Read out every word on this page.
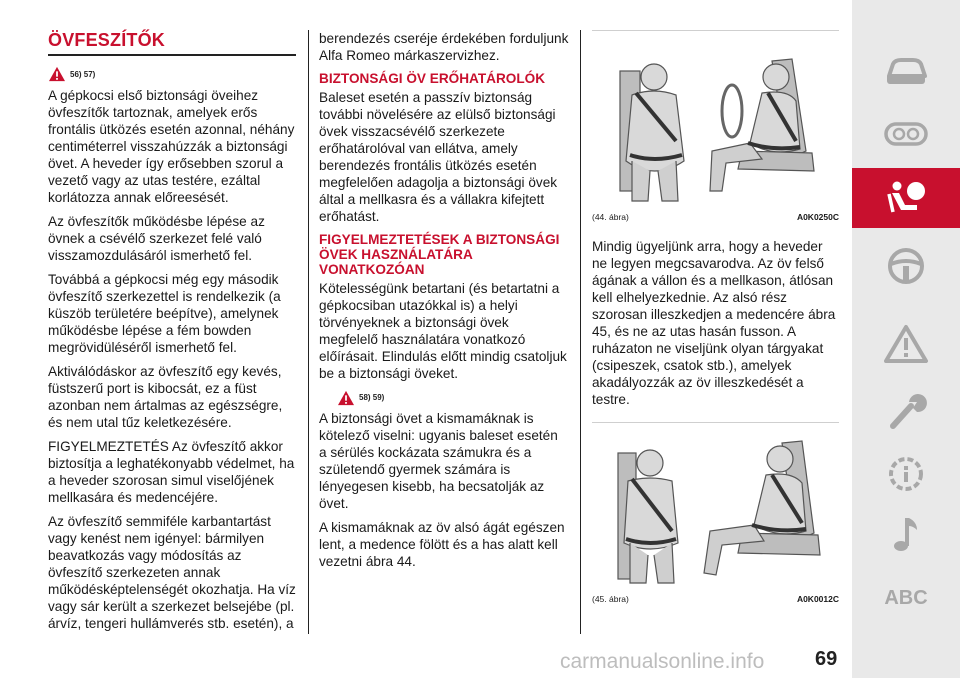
ÖVFESZÍTŐK
56) 57)

A gépkocsi első biztonsági öveihez övfeszítők tartoznak, amelyek erős frontális ütközés esetén azonnal, néhány centiméterrel visszahúzzák a biztonsági övet. A heveder így erősebben szorul a vezető vagy az utas testére, ezáltal korlátozza annak előreesését.

Az övfeszítők működésbe lépése az övnek a csévélő szerkezet felé való visszamozdulásáról ismerhető fel.

Továbbá a gépkocsi még egy második övfeszítő szerkezettel is rendelkezik (a küszöb területére beépítve), amelynek működésbe lépése a fém bowden megrövidüléséről ismerhető fel.

Aktiválódáskor az övfeszítő egy kevés, füstszerű port is kibocsát, ez a füst azonban nem ártalmas az egészségre, és nem utal tűz keletkezésére.

FIGYELMEZTETÉS Az övfeszítő akkor biztosítja a leghatékonyabb védelmet, ha a heveder szorosan simul viselőjének mellkasára és medencéjére.

Az övfeszítő semmiféle karbantartást vagy kenést nem igényel: bármilyen beavatkozás vagy módosítás az övfeszítő szerkezeten annak működésképtelenségét okozhatja. Ha víz vagy sár került a szerkezet belsejébe (pl. árvíz, tengeri hullámverés stb. esetén), a

berendezés cseréje érdekében forduljunk Alfa Romeo márkaszervizhez.

BIZTONSÁGI ÖV ERŐHATÁROLÓK

Baleset esetén a passzív biztonság további növelésére az elülső biztonsági övek visszacsévélő szerkezete erőhatárolóval van ellátva, amely berendezés frontális ütközés esetén megfelelően adagolja a biztonsági övek által a mellkasra és a vállakra kifejtett erőhatást.

FIGYELMEZTETÉSEK A BIZTONSÁGI ÖVEK HASZNÁLATÁRA VONATKOZÓAN

Kötelességünk betartani (és betartatni a gépkocsiban utazókkal is) a helyi törvényeknek a biztonsági övek megfelelő használatára vonatkozó előírásait. Elindulás előtt mindig csatoljuk be a biztonsági öveket.

58) 59)

A biztonsági övet a kismamáknak is kötelező viselni: ugyanis baleset esetén a sérülés kockázata számukra és a születendő gyermek számára is lényegesen kisebb, ha becsatolják az övet.

A kismamáknak az öv alsó ágát egészen lent, a medence fölött és a has alatt kell vezetni ábra 44.

(44. ábra)	A0K0250C

Mindig ügyeljünk arra, hogy a heveder ne legyen megcsavarodva. Az öv felső ágának a vállon és a mellkason, átlósan kell elhelyezkednie. Az alsó rész szorosan illeszkedjen a medencére ábra 45, és ne az utas hasán fusson. A ruházaton ne viseljünk olyan tárgyakat (csipeszek, csatok stb.), amelyek akadályozzák az öv illeszkedését a testre.

(45. ábra)	A0K0012C ABC
carmanualsonline.info	69
